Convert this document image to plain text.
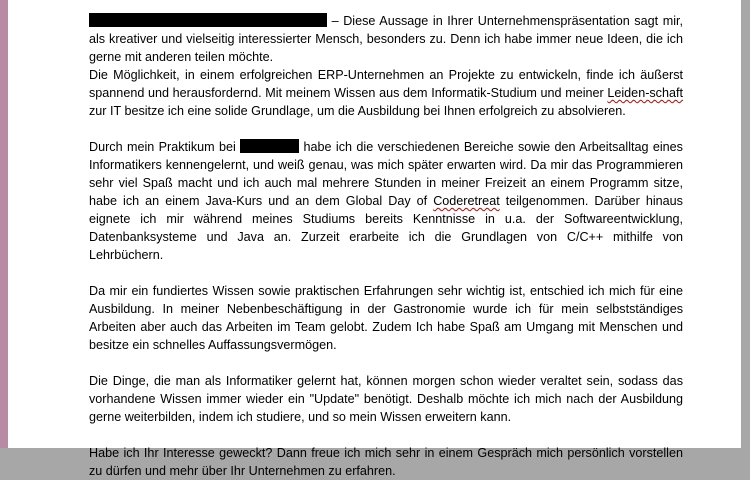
– Diese Aussage in Ihrer Unternehmenspräsentation sagt mir, als kreativer und vielseitig interessierter Mensch, besonders zu. Denn ich habe immer neue Ideen, die ich gerne mit anderen teilen möchte.

Die Möglichkeit, in einem erfolgreichen ERP-Unternehmen an Projekte zu entwickeln, finde ich äußerst spannend und herausfordernd. Mit meinem Wissen aus dem Informatik-Studium und meiner Leiden-schaft zur IT besitze ich eine solide Grundlage, um die Ausbildung bei Ihnen erfolgreich zu absolvieren.

Durch mein Praktikum bei	habe ich die verschiedenen Bereiche sowie den Arbeitsalltag eines Informatikers kennengelernt, und weiß genau, was mich später erwarten wird. Da mir das Programmieren sehr viel Spaß macht und ich auch mal mehrere Stunden in meiner Freizeit an einem Programm sitze, habe ich an einem Java-Kurs und an dem Global Day of Coderetreat teilgenommen. Darüber hinaus eignete ich mir während meines Studiums bereits Kenntnisse in u.a. der Softwareentwicklung, Datenbanksysteme und Java an. Zurzeit erarbeite ich die Grundlagen von C/C++ mithilfe von Lehrbüchern.

Da mir ein fundiertes Wissen sowie praktischen Erfahrungen sehr wichtig ist, entschied ich mich für eine Ausbildung. In meiner Nebenbeschäftigung in der Gastronomie wurde ich für mein selbstständiges Arbeiten aber auch das Arbeiten im Team gelobt. Zudem Ich habe Spaß am Umgang mit Menschen und besitze ein schnelles Auffassungsvermögen.

Die Dinge, die man als Informatiker gelernt hat, können morgen schon wieder veraltet sein, sodass das vorhandene Wissen immer wieder ein "Update" benötigt. Deshalb möchte ich mich nach der Ausbildung gerne weiterbilden, indem ich studiere, und so mein Wissen erweitern kann.

Habe ich Ihr Interesse geweckt? Dann freue ich mich sehr in einem Gespräch mich persönlich vorstellen zu dürfen und mehr über Ihr Unternehmen zu erfahren.
